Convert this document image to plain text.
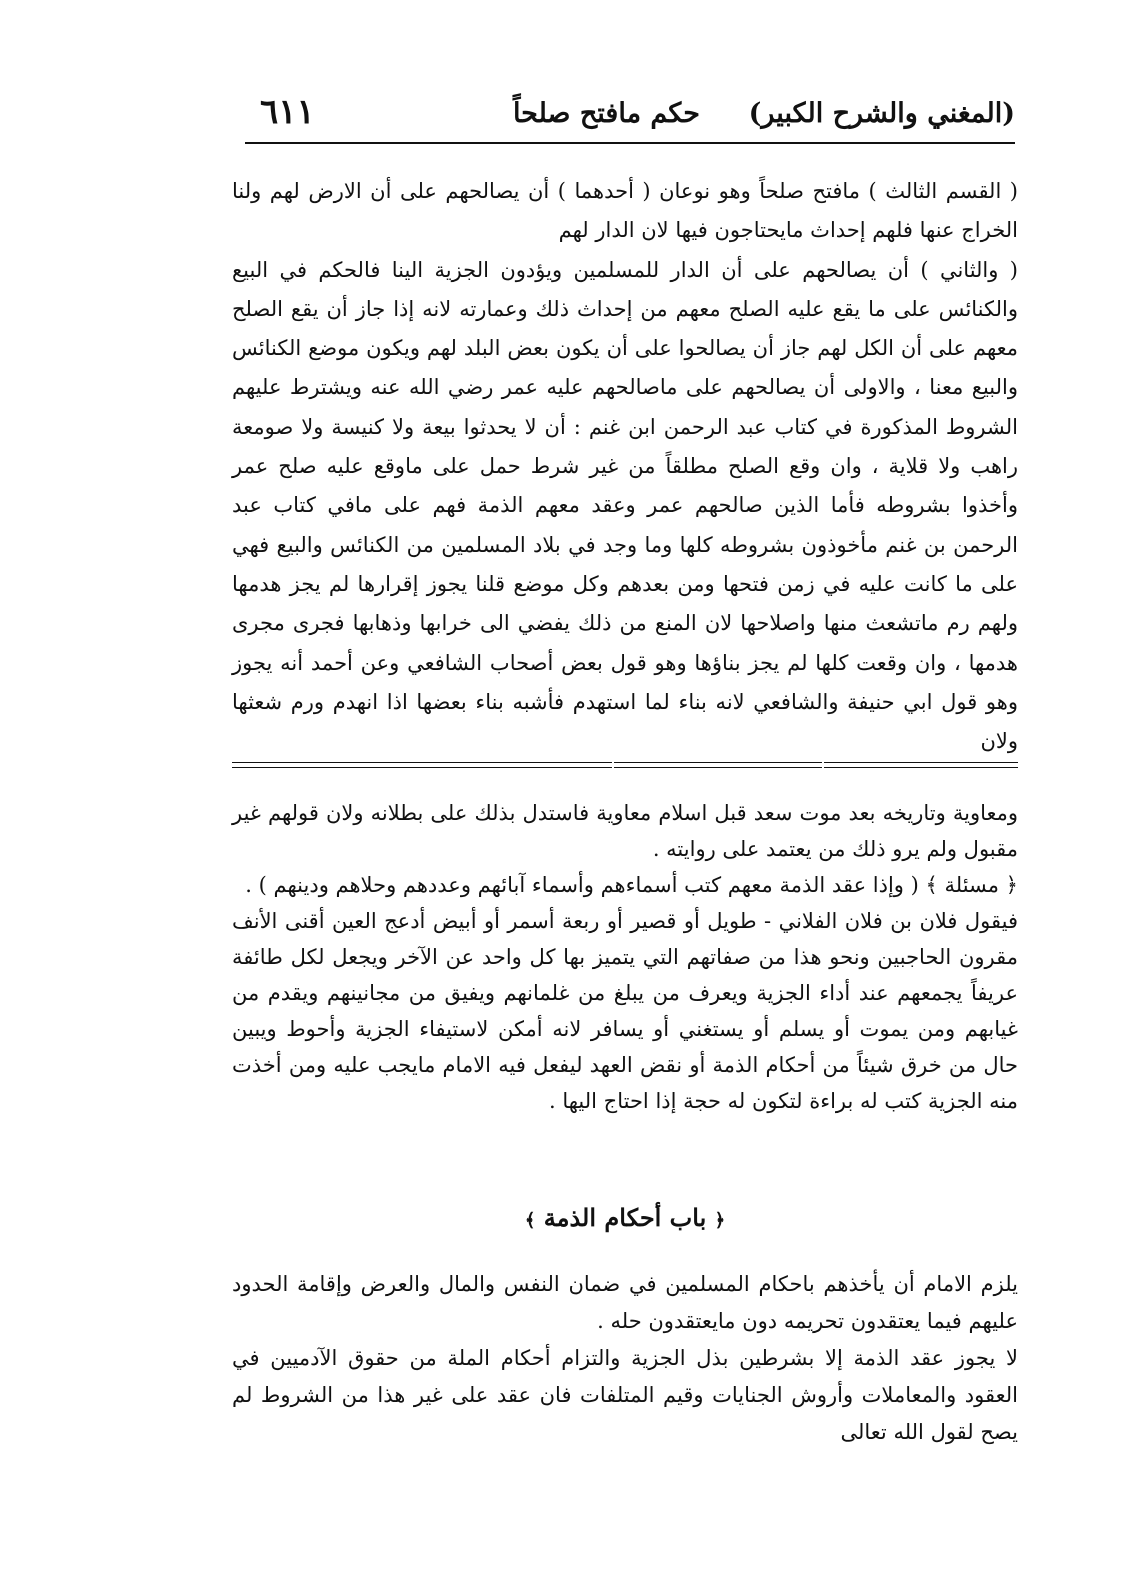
(المغني والشرح الكبير)
حكم مافتح صلحاً
٦١١

( القسم الثالث ) مافتح صلحاً وهو نوعان ( أحدهما ) أن يصالحهم على أن الارض لهم ولنا الخراج عنها فلهم إحداث مايحتاجون فيها لان الدار لهم

( والثاني ) أن يصالحهم على أن الدار للمسلمين ويؤدون الجزية الينا فالحكم في البيع والكنائس على ما يقع عليه الصلح معهم من إحداث ذلك وعمارته لانه إذا جاز أن يقع الصلح معهم على أن الكل لهم جاز أن يصالحوا على أن يكون بعض البلد لهم ويكون موضع الكنائس والبيع معنا ، والاولى أن يصالحهم على ماصالحهم عليه عمر رضي الله عنه ويشترط عليهم الشروط المذكورة في كتاب عبد الرحمن ابن غنم : أن لا يحدثوا بيعة ولا كنيسة ولا صومعة راهب ولا قلاية ، وان وقع الصلح مطلقاً من غير شرط حمل على ماوقع عليه صلح عمر وأخذوا بشروطه فأما الذين صالحهم عمر وعقد معهم الذمة فهم على مافي كتاب عبد الرحمن بن غنم مأخوذون بشروطه كلها وما وجد في بلاد المسلمين من الكنائس والبيع فهي على ما كانت عليه في زمن فتحها ومن بعدهم وكل موضع قلنا يجوز إقرارها لم يجز هدمها ولهم رم ماتشعث منها واصلاحها لان المنع من ذلك يفضي الى خرابها وذهابها فجرى مجرى هدمها ، وان وقعت كلها لم يجز بناؤها وهو قول بعض أصحاب الشافعي وعن أحمد أنه يجوز وهو قول ابي حنيفة والشافعي لانه بناء لما استهدم فأشبه بناء بعضها اذا انهدم ورم شعثها ولان

ومعاوية وتاريخه بعد موت سعد قبل اسلام معاوية فاستدل بذلك على بطلانه ولان قولهم غير مقبول ولم يرو ذلك من يعتمد على روايته .

﴿ مسئلة ﴾ ( وإذا عقد الذمة معهم كتب أسماءهم وأسماء آبائهم وعددهم وحلاهم ودينهم ) .

فيقول فلان بن فلان الفلاني - طويل أو قصير أو ربعة أسمر أو أبيض أدعج العين أقنى الأنف مقرون الحاجبين ونحو هذا من صفاتهم التي يتميز بها كل واحد عن الآخر ويجعل لكل طائفة عريفاً يجمعهم عند أداء الجزية ويعرف من يبلغ من غلمانهم ويفيق من مجانينهم ويقدم من غيابهم ومن يموت أو يسلم أو يستغني أو يسافر لانه أمكن لاستيفاء الجزية وأحوط ويبين حال من خرق شيئاً من أحكام الذمة أو نقض العهد ليفعل فيه الامام مايجب عليه ومن أخذت منه الجزية كتب له براءة لتكون له حجة إذا احتاج اليها .

﴿ باب أحكام الذمة ﴾

يلزم الامام أن يأخذهم باحكام المسلمين في ضمان النفس والمال والعرض وإقامة الحدود عليهم فيما يعتقدون تحريمه دون مايعتقدون حله .

لا يجوز عقد الذمة إلا بشرطين بذل الجزية والتزام أحكام الملة من حقوق الآدميين في العقود والمعاملات وأروش الجنايات وقيم المتلفات فان عقد على غير هذا من الشروط لم يصح لقول الله تعالى
